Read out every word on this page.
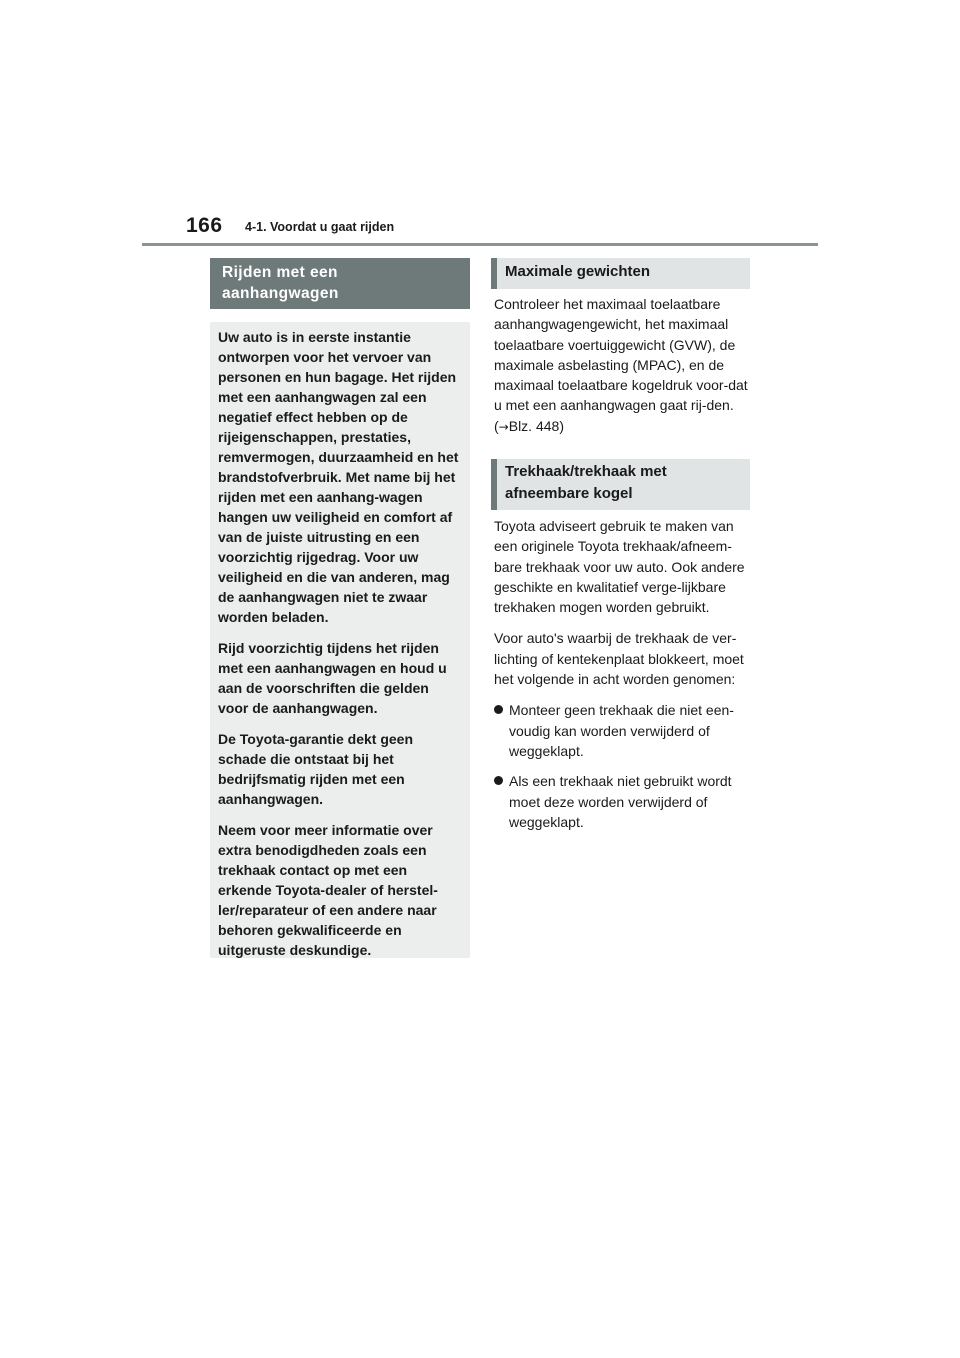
166 4-1. Voordat u gaat rijden
Rijden met een aanhangwagen

Uw auto is in eerste instantie ontworpen voor het vervoer van personen en hun bagage. Het rijden met een aanhangwagen zal een negatief effect hebben op de rijeigenschappen, prestaties, remvermogen, duurzaamheid en het brandstofverbruik. Met name bij het rijden met een aanhang-wagen hangen uw veiligheid en comfort af van de juiste uitrusting en een voorzichtig rijgedrag. Voor uw veiligheid en die van anderen, mag de aanhangwagen niet te zwaar worden beladen.

Rijd voorzichtig tijdens het rijden met een aanhangwagen en houd u aan de voorschriften die gelden voor de aanhangwagen.

De Toyota-garantie dekt geen schade die ontstaat bij het bedrijfsmatig rijden met een aanhangwagen.

Neem voor meer informatie over extra benodigdheden zoals een trekhaak contact op met een erkende Toyota-dealer of herstel-ler/reparateur of een andere naar behoren gekwalificeerde en uitgeruste deskundige.

Maximale gewichten

Controleer het maximaal toelaatbare aanhangwagengewicht, het maximaal toelaatbare voertuiggewicht (GVW), de maximale asbelasting (MPAC), en de maximaal toelaatbare kogeldruk voor-dat u met een aanhangwagen gaat rij-den. (→Blz. 448)

Trekhaak/trekhaak met
afneembare kogel

Toyota adviseert gebruik te maken van een originele Toyota trekhaak/afneem-bare trekhaak voor uw auto. Ook andere geschikte en kwalitatief verge-lijkbare trekhaken mogen worden gebruikt.

Voor auto's waarbij de trekhaak de ver-lichting of kentekenplaat blokkeert, moet het volgende in acht worden genomen:

Monteer geen trekhaak die niet een-voudig kan worden verwijderd of weggeklapt.
Als een trekhaak niet gebruikt wordt moet deze worden verwijderd of weggeklapt.
